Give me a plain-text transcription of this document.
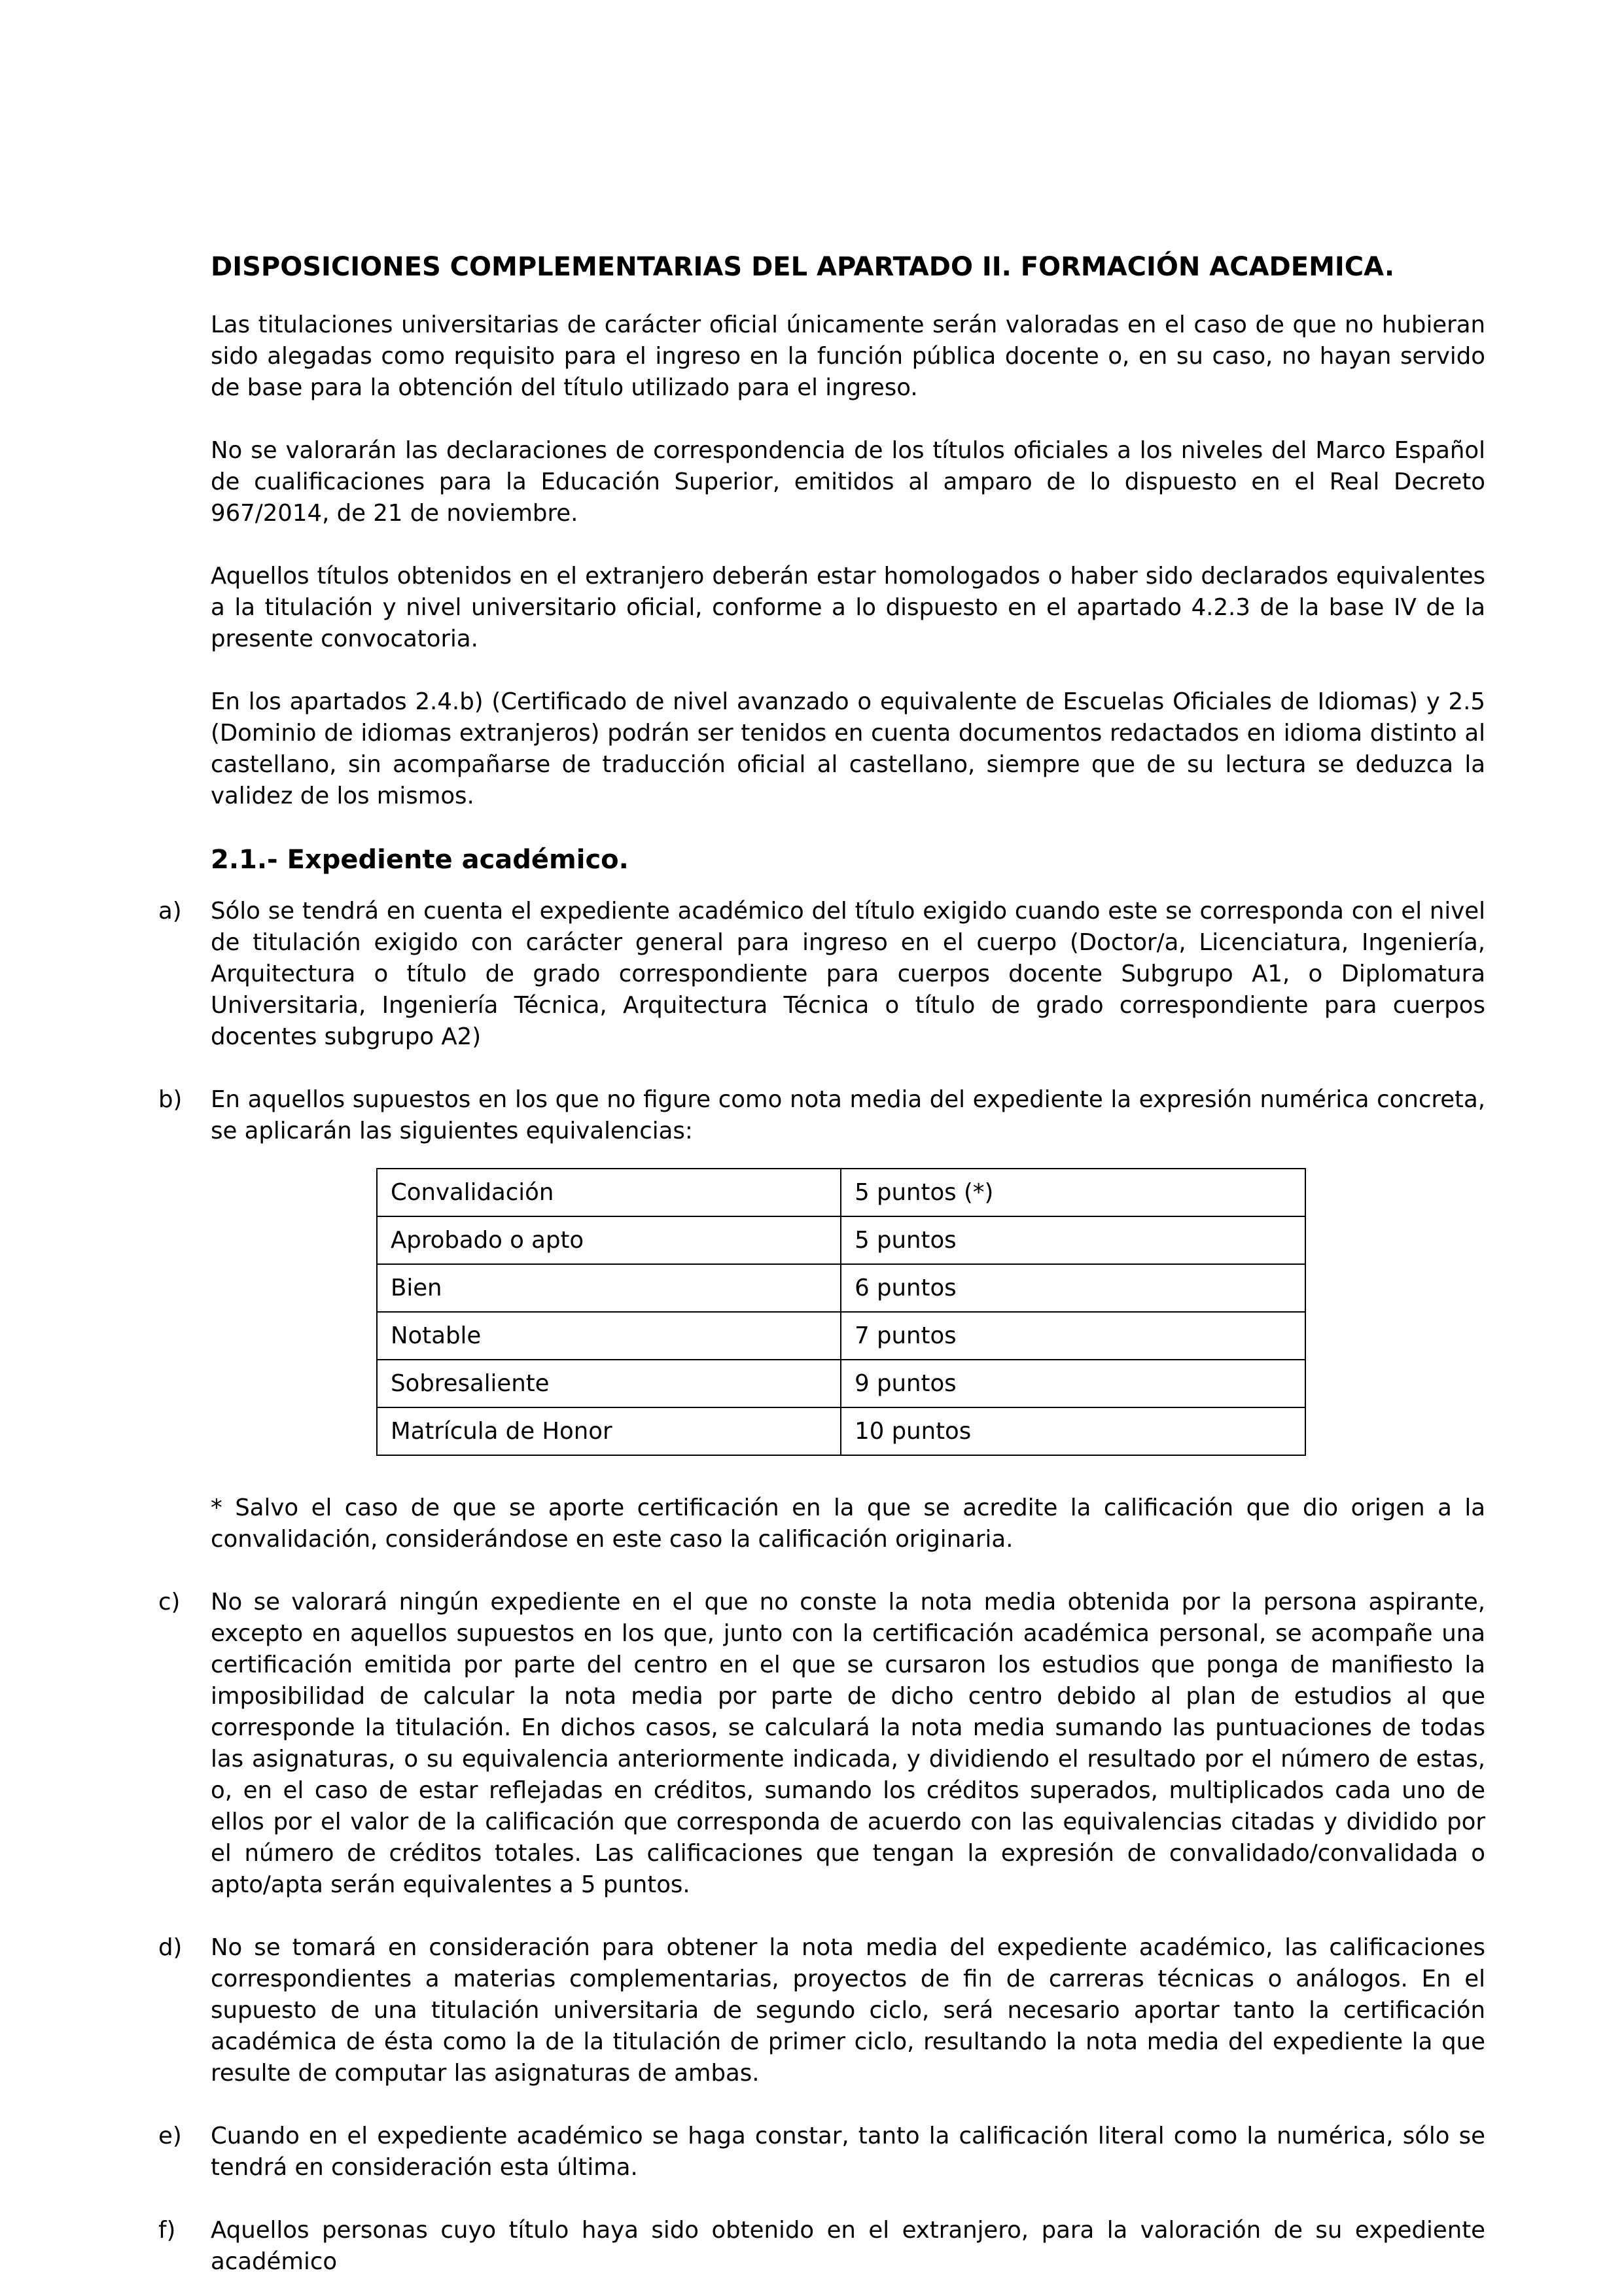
DISPOSICIONES COMPLEMENTARIAS DEL APARTADO II. FORMACIÓN ACADEMICA.

Las titulaciones universitarias de carácter oficial únicamente serán valoradas en el caso de que no hubieran sido alegadas como requisito para el ingreso en la función pública docente o, en su caso, no hayan servido de base para la obtención del título utilizado para el ingreso.

No se valorarán las declaraciones de correspondencia de los títulos oficiales a los niveles del Marco Español de cualificaciones para la Educación Superior, emitidos al amparo de lo dispuesto en el Real Decreto 967/2014, de 21 de noviembre.

Aquellos títulos obtenidos en el extranjero deberán estar homologados o haber sido declarados equivalentes a la titulación y nivel universitario oficial, conforme a lo dispuesto en el apartado 4.2.3 de la base IV de la presente convocatoria.

En los apartados 2.4.b) (Certificado de nivel avanzado o equivalente de Escuelas Oficiales de Idiomas) y 2.5 (Dominio de idiomas extranjeros) podrán ser tenidos en cuenta documentos redactados en idioma distinto al castellano, sin acompañarse de traducción oficial al castellano, siempre que de su lectura se deduzca la validez de los mismos.

2.1.- Expediente académico.
a) Sólo se tendrá en cuenta el expediente académico del título exigido cuando este se corresponda con el nivel de titulación exigido con carácter general para ingreso en el cuerpo (Doctor/a, Licenciatura, Ingeniería, Arquitectura o título de grado correspondiente para cuerpos docente Subgrupo A1, o Diplomatura Universitaria, Ingeniería Técnica, Arquitectura Técnica o título de grado correspondiente para cuerpos docentes subgrupo A2)
b) En aquellos supuestos en los que no figure como nota media del expediente la expresión numérica concreta, se aplicarán las siguientes equivalencias:
Convalidación	5 puntos (*)
Aprobado o apto	5 puntos
Bien	6 puntos
Notable	7 puntos
Sobresaliente	9 puntos
Matrícula de Honor	10 puntos

* Salvo el caso de que se aporte certificación en la que se acredite la calificación que dio origen a la convalidación, considerándose en este caso la calificación originaria.

c) No se valorará ningún expediente en el que no conste la nota media obtenida por la persona aspirante, excepto en aquellos supuestos en los que, junto con la certificación académica personal, se acompañe una certificación emitida por parte del centro en el que se cursaron los estudios que ponga de manifiesto la imposibilidad de calcular la nota media por parte de dicho centro debido al plan de estudios al que corresponde la titulación. En dichos casos, se calculará la nota media sumando las puntuaciones de todas las asignaturas, o su equivalencia anteriormente indicada, y dividiendo el resultado por el número de estas, o, en el caso de estar reflejadas en créditos, sumando los créditos superados, multiplicados cada uno de ellos por el valor de la calificación que corresponda de acuerdo con las equivalencias citadas y dividido por el número de créditos totales. Las calificaciones que tengan la expresión de convalidado/convalidada o apto/apta serán equivalentes a 5 puntos.
d) No se tomará en consideración para obtener la nota media del expediente académico, las calificaciones correspondientes a materias complementarias, proyectos de fin de carreras técnicas o análogos. En el supuesto de una titulación universitaria de segundo ciclo, será necesario aportar tanto la certificación académica de ésta como la de la titulación de primer ciclo, resultando la nota media del expediente la que resulte de computar las asignaturas de ambas.
e) Cuando en el expediente académico se haga constar, tanto la calificación literal como la numérica, sólo se tendrá en consideración esta última.
f) Aquellos personas cuyo título haya sido obtenido en el extranjero, para la valoración de su expediente académico
